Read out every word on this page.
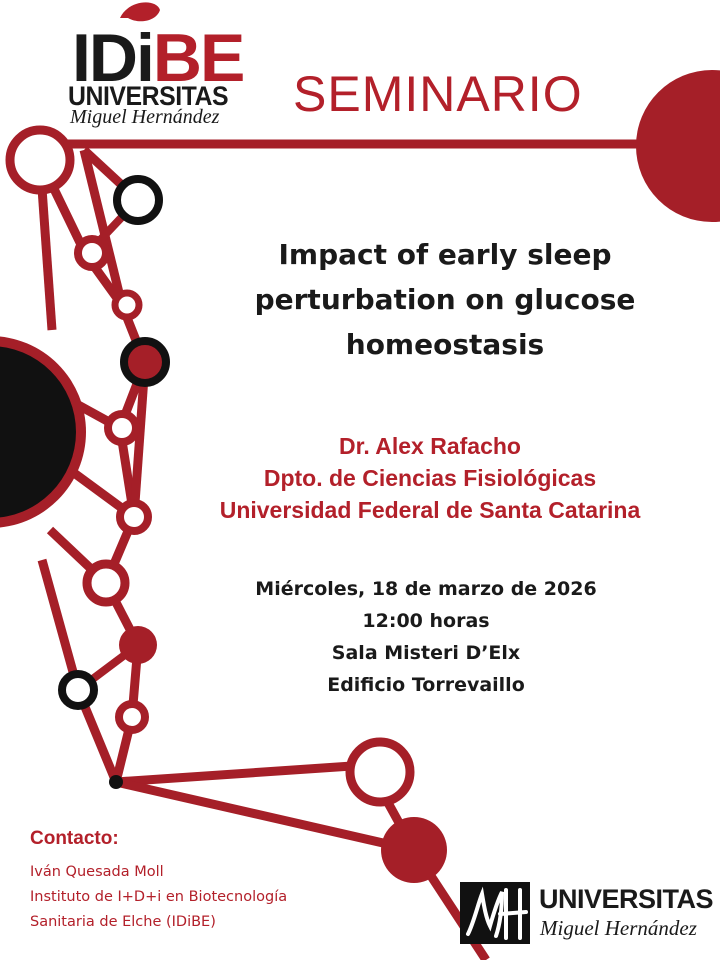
IDiBE
UNIVERSITAS
Miguel Hernández SEMINARIO
Impact of early sleep perturbation on glucose homeostasis
Dr. Alex Rafacho
Dpto. de Ciencias Fisiológicas
Universidad Federal de Santa Catarina
Miércoles, 18 de marzo de 2026
12:00 horas
Sala Misteri D’Elx
Edificio Torrevaillo
Contacto:
Iván Quesada Moll
Instituto de I+D+i en Biotecnología
Sanitaria de Elche (IDiBE)
UNIVERSITAS
Miguel Hernández
